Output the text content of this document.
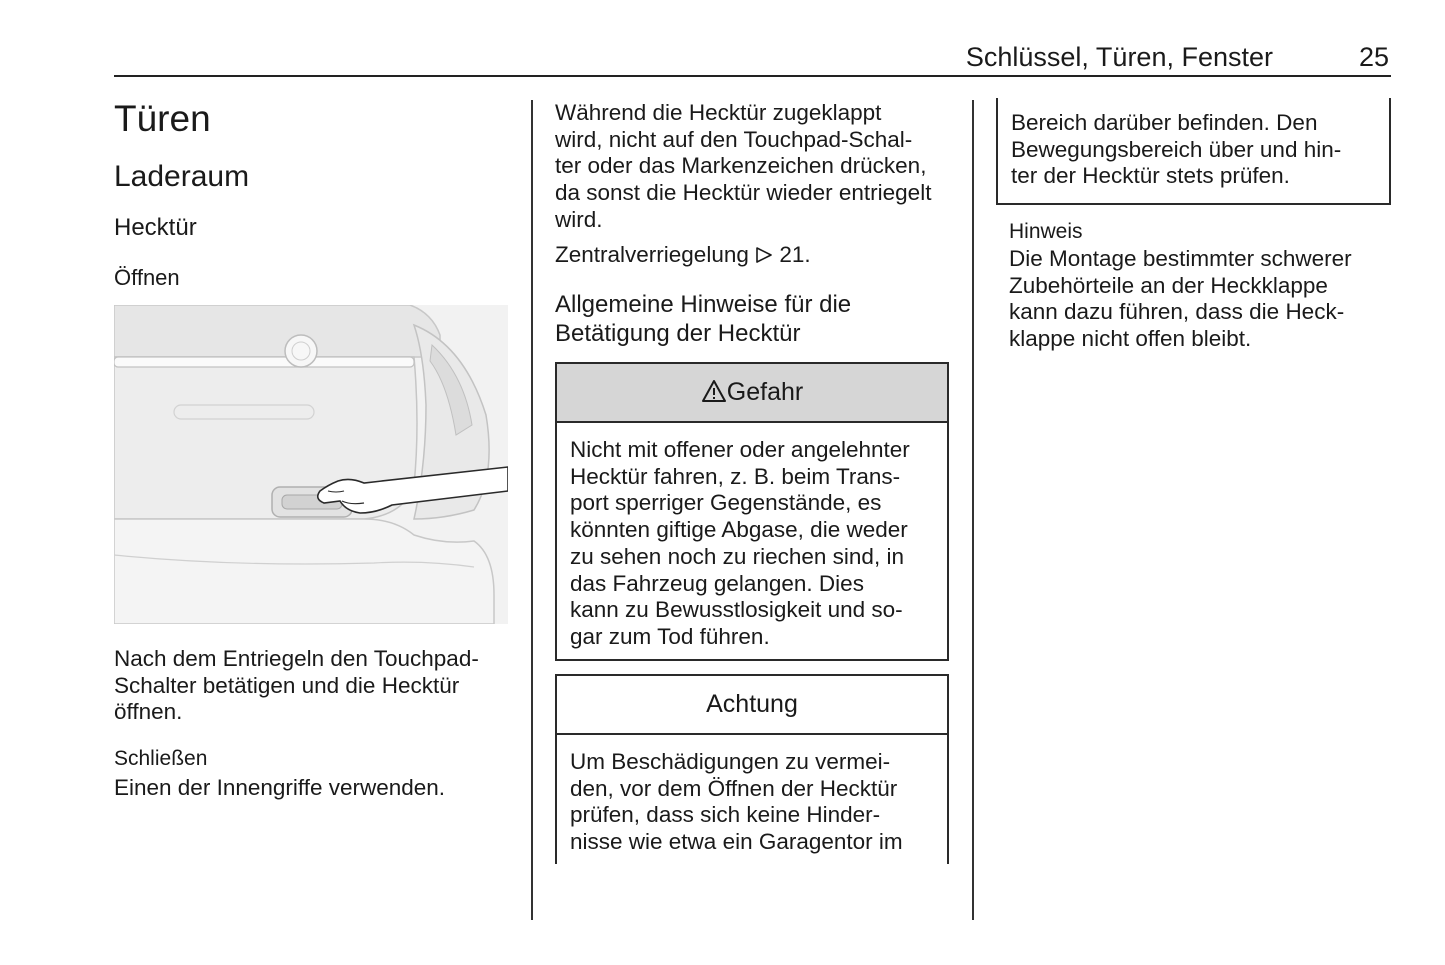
Schlüssel, Türen, Fenster	25
Türen
Laderaum
Hecktür
Öffnen
Nach dem Entriegeln den Touchpad-
Schalter betätigen und die Hecktür
öffnen.
Schließen
Einen der Innengriffe verwenden.
Während die Hecktür zugeklappt
wird, nicht auf den Touchpad-Schal-
ter oder das Markenzeichen drücken,
da sonst die Hecktür wieder entriegelt
wird.
Zentralverriegelung 21.
Allgemeine Hinweise für die
Betätigung der Hecktür
Gefahr
Nicht mit offener oder angelehnter
Hecktür fahren, z. B. beim Trans-
port sperriger Gegenstände, es
könnten giftige Abgase, die weder
zu sehen noch zu riechen sind, in
das Fahrzeug gelangen. Dies
kann zu Bewusstlosigkeit und so-
gar zum Tod führen.
Achtung
Um Beschädigungen zu vermei-
den, vor dem Öffnen der Hecktür
prüfen, dass sich keine Hinder-
nisse wie etwa ein Garagentor im
Bereich darüber befinden. Den
Bewegungsbereich über und hin-
ter der Hecktür stets prüfen.
Hinweis
Die Montage bestimmter schwerer
Zubehörteile an der Heckklappe
kann dazu führen, dass die Heck-
klappe nicht offen bleibt.
